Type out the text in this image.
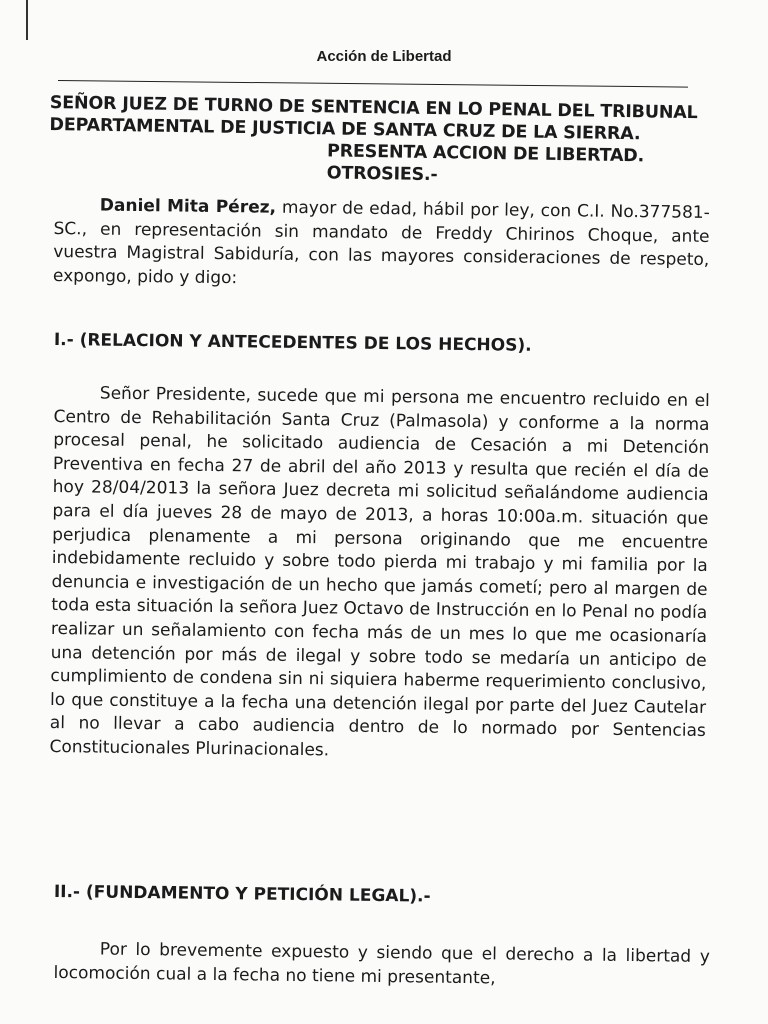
Acción de Libertad
SEÑOR JUEZ DE TURNO DE SENTENCIA EN LO PENAL DEL TRIBUNAL
DEPARTAMENTAL DE JUSTICIA DE SANTA CRUZ DE LA SIERRA.
PRESENTA ACCION DE LIBERTAD.
OTROSIES.-

Daniel Mita Pérez, mayor de edad, hábil por ley, con C.I. No.377581-SC., en representación sin mandato de Freddy Chirinos Choque, ante vuestra Magistral Sabiduría, con las mayores consideraciones de respeto, expongo, pido y digo:

I.- (RELACION Y ANTECEDENTES DE LOS HECHOS).

Señor Presidente, sucede que mi persona me encuentro recluido en el Centro de Rehabilitación Santa Cruz (Palmasola) y conforme a la norma procesal penal, he solicitado audiencia de Cesación a mi Detención Preventiva en fecha 27 de abril del año 2013 y resulta que recién el día de hoy 28/04/2013 la señora Juez decreta mi solicitud señalándome audiencia para el día jueves 28 de mayo de 2013, a horas 10:00a.m. situación que perjudica plenamente a mi persona originando que me encuentre indebidamente recluido y sobre todo pierda mi trabajo y mi familia por la denuncia e investigación de un hecho que jamás cometí; pero al margen de toda esta situación la señora Juez Octavo de Instrucción en lo Penal no podía realizar un señalamiento con fecha más de un mes lo que me ocasionaría una detención por más de ilegal y sobre todo se medaría un anticipo de cumplimiento de condena sin ni siquiera haberme requerimiento conclusivo, lo que constituye a la fecha una detención ilegal por parte del Juez Cautelar al no llevar a cabo audiencia dentro de lo normado por Sentencias Constitucionales Plurinacionales.

II.- (FUNDAMENTO Y PETICIÓN LEGAL).-

Por lo brevemente expuesto y siendo que el derecho a la libertad y locomoción cual a la fecha no tiene mi presentante,
